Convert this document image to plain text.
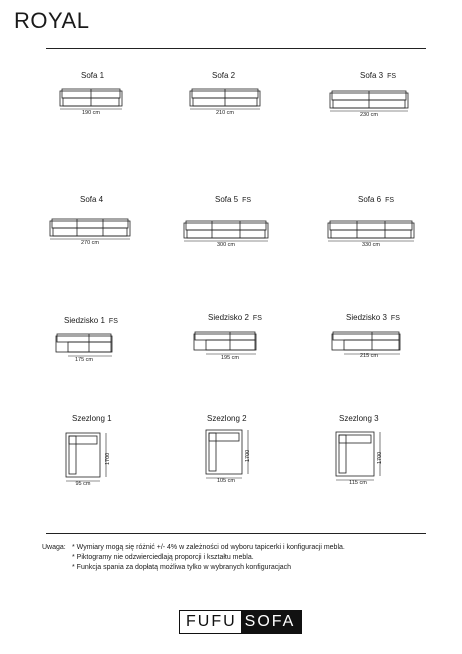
ROYAL
Sofa 1
190 cm
Sofa 2
210 cm
Sofa 3 FS
230 cm
Sofa 4
270 cm
Sofa 5 FS
300 cm
Sofa 6 FS
330 cm
Siedzisko 1 FS
175 cm
Siedzisko 2 FS
195 cm
Siedzisko 3 FS
215 cm
Szezlong 1
1700
95 cm
Szezlong 2
1700
105 cm
Szezlong 3
1700
115 cm
Uwaga: * Wymiary mogą się różnić +/- 4% w zależności od wyboru tapicerki i konfiguracji mebla.
* Piktogramy nie odzwierciedlają proporcji i kształtu mebla.
* Funkcja spania za dopłatą możliwa tylko w wybranych konfiguracjach
FUFU SOFA
